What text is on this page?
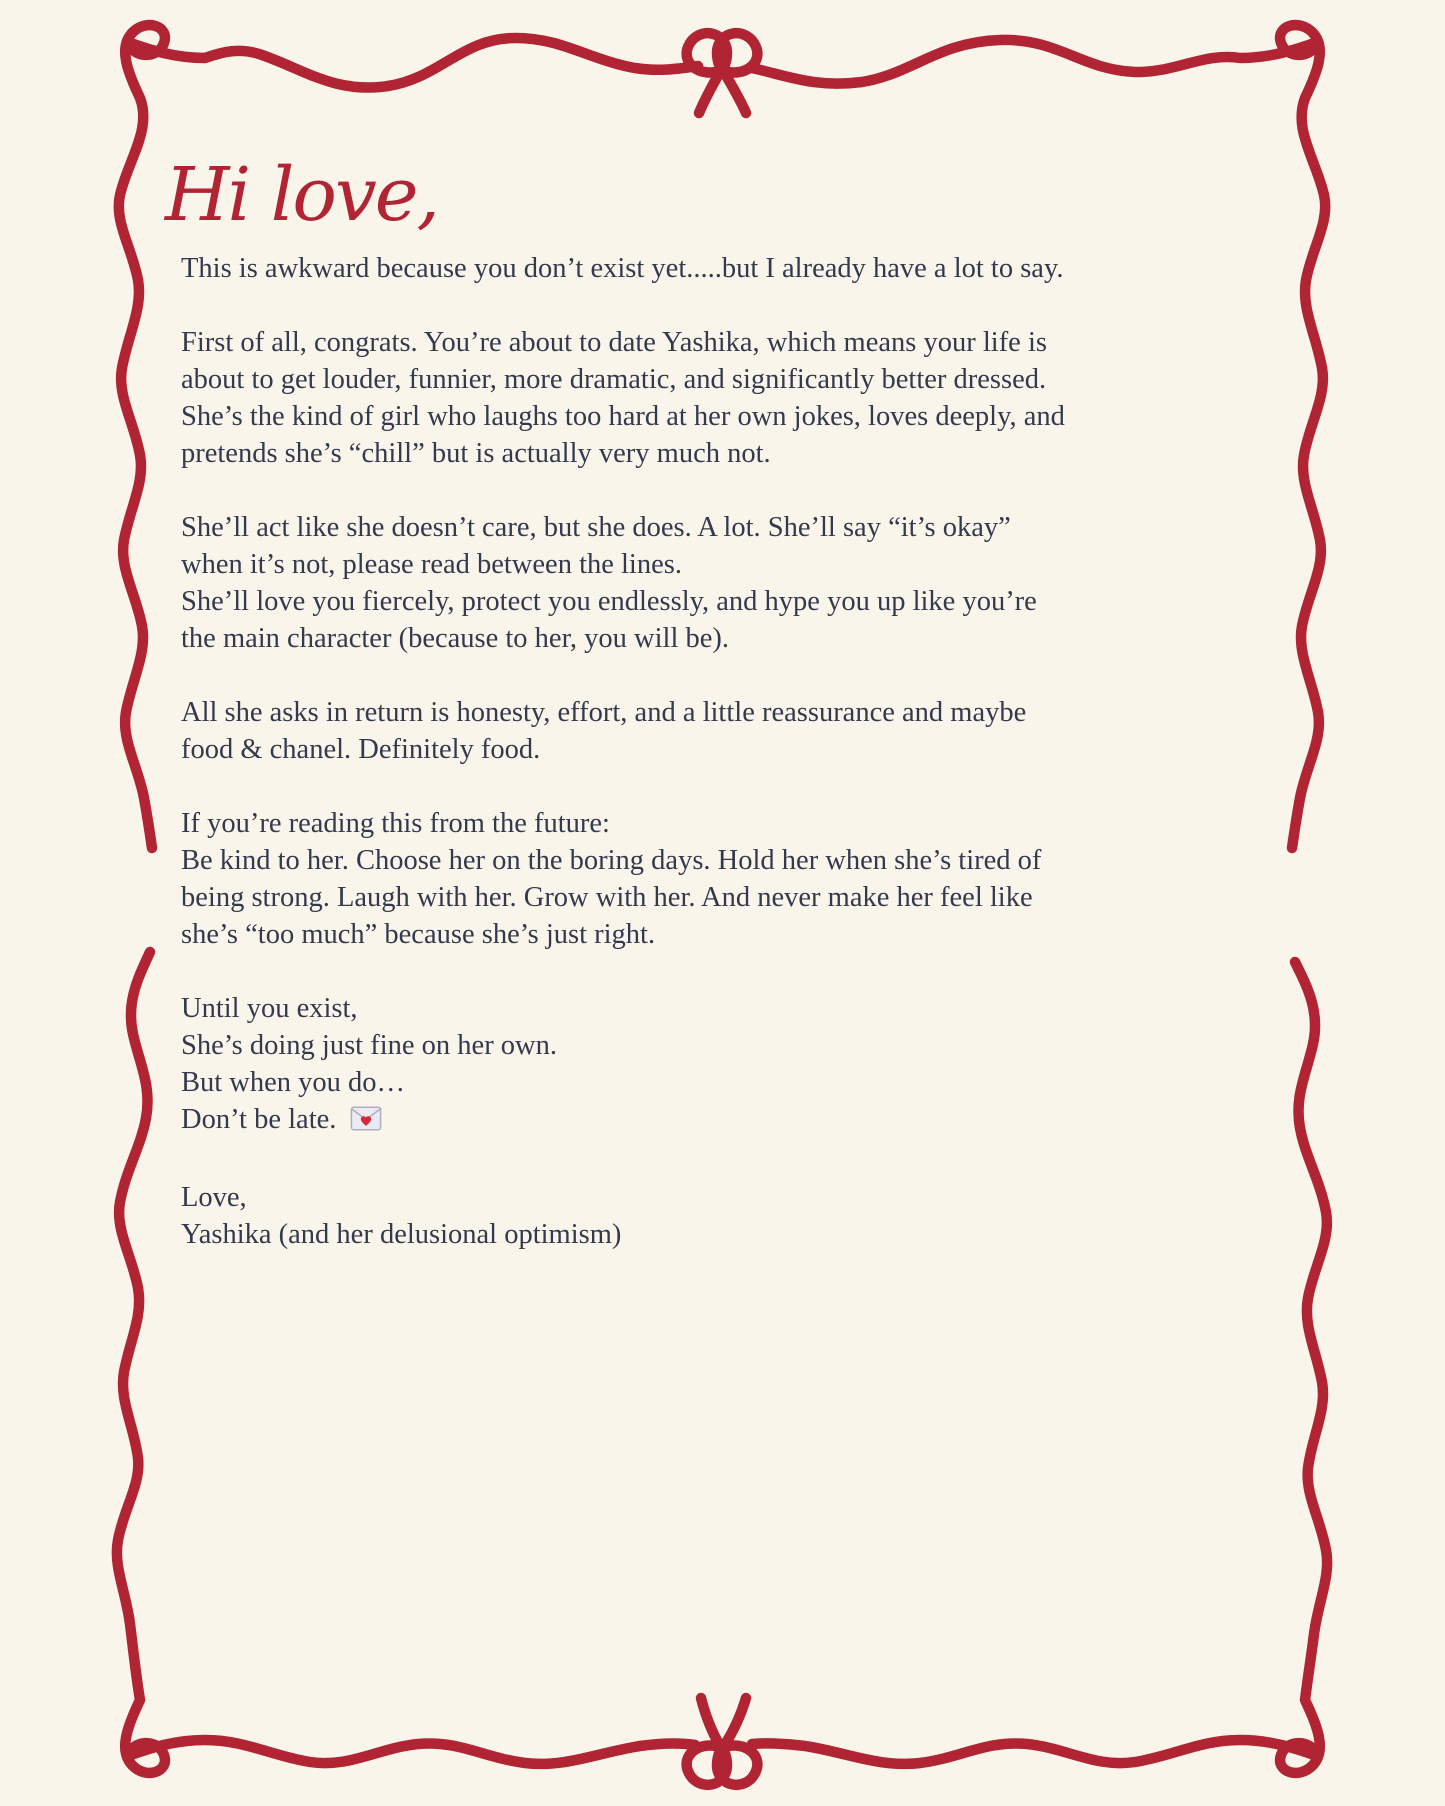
Hi love,
This is awkward because you don’t exist yet.....but I already have a lot to say.
First of all, congrats. You’re about to date Yashika, which means your life is about to get louder, funnier, more dramatic, and significantly better dressed. She’s the kind of girl who laughs too hard at her own jokes, loves deeply, and pretends she’s “chill” but is actually very much not.
She’ll act like she doesn’t care, but she does. A lot. She’ll say “it’s okay” when it’s not, please read between the lines.
She’ll love you fiercely, protect you endlessly, and hype you up like you’re the main character (because to her, you will be).
All she asks in return is honesty, effort, and a little reassurance and maybe food & chanel. Definitely food.
If you’re reading this from the future:
Be kind to her. Choose her on the boring days. Hold her when she’s tired of being strong. Laugh with her. Grow with her. And never make her feel like she’s “too much” because she’s just right.
Until you exist,
She’s doing just fine on her own.
But when you do…
Don’t be late.
Love,
Yashika (and her delusional optimism)
